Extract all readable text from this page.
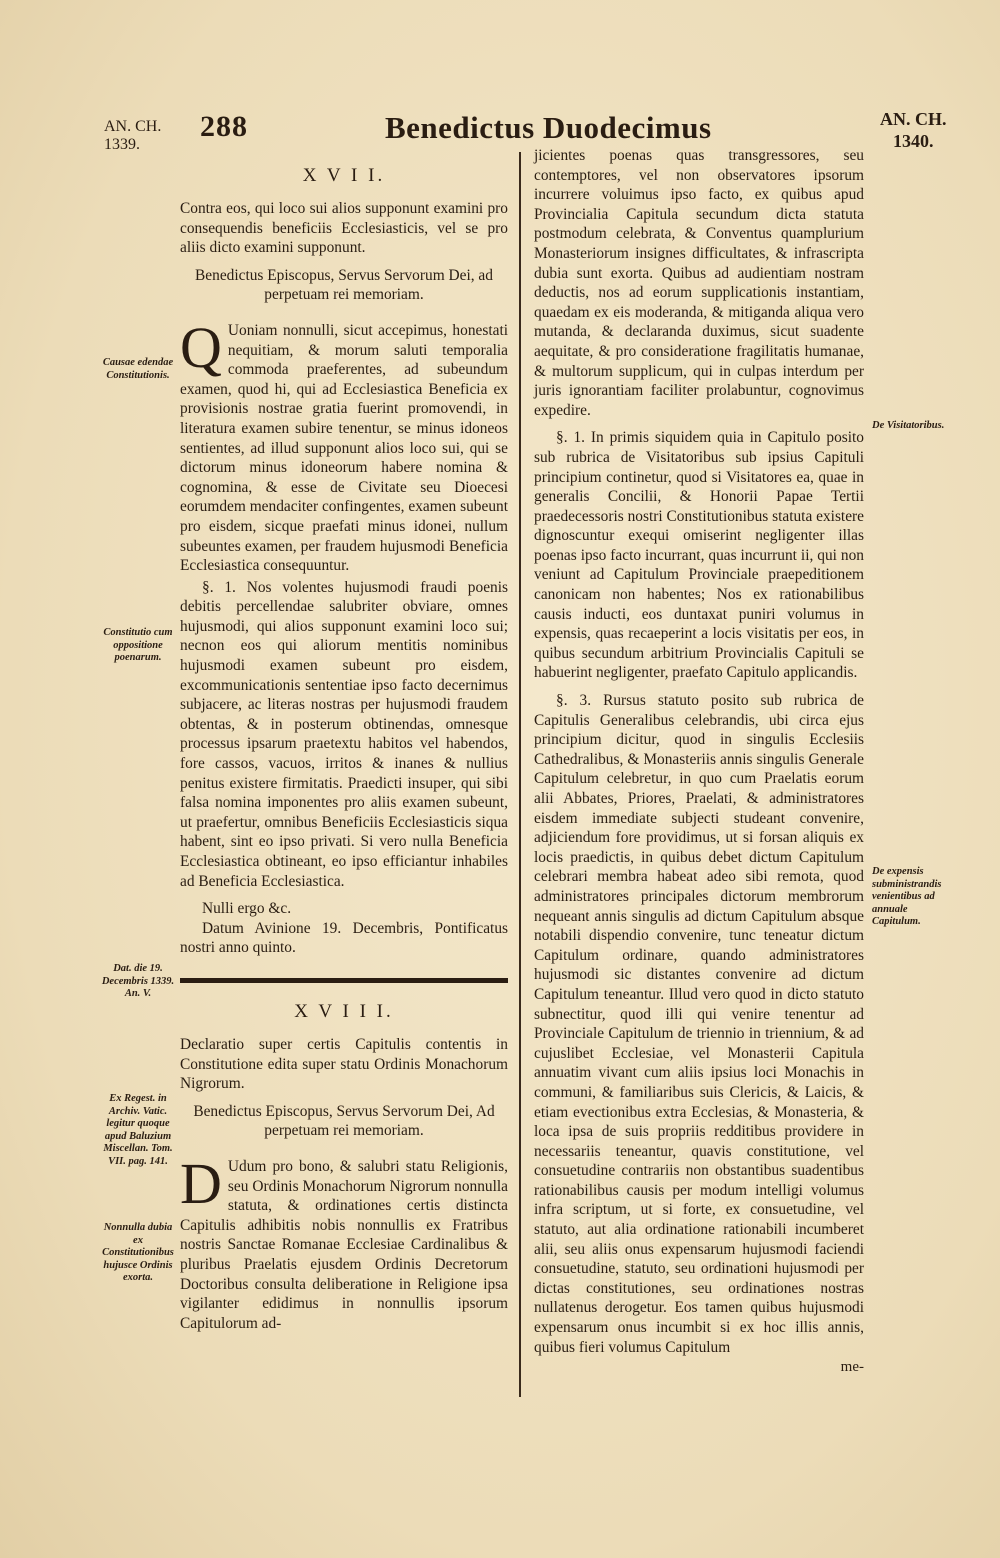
AN. CH.
1339.
288	Benedictus Duodecimus	AN. CH.
1340.
X V I I.
Contra eos, qui loco sui alios supponunt examini pro consequendis beneficiis Ecclesiasticis, vel se pro aliis dicto examini supponunt.
Benedictus Episcopus, Servus Servorum Dei, ad perpetuam rei memoriam.
Q Uoniam nonnulli, sicut accepimus, honestati nequitiam, & morum saluti temporalia commoda praeferentes, ad subeundum examen, quod hi, qui ad Ecclesiastica Beneficia ex provisionis nostrae gratia fuerint promovendi, in literatura examen subire tenentur, se minus idoneos sentientes, ad illud supponunt alios loco sui, qui se dictorum minus idoneorum habere nomina & cognomina, & esse de Civitate seu Dioecesi eorumdem mendaciter confingentes, examen subeunt pro eisdem, sicque praefati minus idonei, nullum subeuntes examen, per fraudem hujusmodi Beneficia Ecclesiastica consequuntur.
§. 1. Nos volentes hujusmodi fraudi poenis debitis percellendae salubriter obviare, omnes hujusmodi, qui alios supponunt examini loco sui; necnon eos qui aliorum mentitis nominibus hujusmodi examen subeunt pro eisdem, excommunicationis sententiae ipso facto decernimus subjacere, ac literas nostras per hujusmodi fraudem obtentas, & in posterum obtinendas, omnesque processus ipsarum praetextu habitos vel habendos, fore cassos, vacuos, irritos & inanes & nullius penitus existere firmitatis. Praedicti insuper, qui sibi falsa nomina imponentes pro aliis examen subeunt, ut praefertur, omnibus Beneficiis Ecclesiasticis siqua habent, sint eo ipso privati. Si vero nulla Beneficia Ecclesiastica obtineant, eo ipso efficiantur inhabiles ad Beneficia Ecclesiastica.
Nulli ergo &c.
Datum Avinione 19. Decembris, Pontificatus nostri anno quinto.
X V I I I.
Declaratio super certis Capitulis contentis in Constitutione edita super statu Ordinis Monachorum Nigrorum.
Benedictus Episcopus, Servus Servorum Dei, Ad perpetuam rei memoriam.
D Udum pro bono, & salubri statu Religionis, seu Ordinis Monachorum Nigrorum nonnulla statuta, & ordinationes certis distincta Capitulis adhibitis nobis nonnullis ex Fratribus nostris Sanctae Romanae Ecclesiae Cardinalibus & pluribus Praelatis ejusdem Ordinis Decretorum Doctoribus consulta deliberatione in Religione ipsa vigilanter edidimus in nonnullis ipsorum Capitulorum ad-
jicientes poenas quas transgressores, seu contemptores, vel non observatores ipsorum incurrere voluimus ipso facto, ex quibus apud Provincialia Capitula secundum dicta statuta postmodum celebrata, & Conventus quamplurium Monasteriorum insignes difficultates, & infrascripta dubia sunt exorta. Quibus ad audientiam nostram deductis, nos ad eorum supplicationis instantiam, quaedam ex eis moderanda, & mitiganda aliqua vero mutanda, & declaranda duximus, sicut suadente aequitate, & pro consideratione fragilitatis humanae, & multorum supplicum, qui in culpas interdum per juris ignorantiam faciliter prolabuntur, cognovimus expedire.
§. 1. In primis siquidem quia in Capitulo posito sub rubrica de Visitatoribus sub ipsius Capituli principium continetur, quod si Visitatores ea, quae in generalis Concilii, & Honorii Papae Tertii praedecessoris nostri Constitutionibus statuta existere dignoscuntur exequi omiserint negligenter illas poenas ipso facto incurrant, quas incurrunt ii, qui non veniunt ad Capitulum Provinciale praepeditionem canonicam non habentes; Nos ex rationabilibus causis inducti, eos duntaxat puniri volumus in expensis, quas recaeperint a locis visitatis per eos, in quibus secundum arbitrium Provincialis Capituli se habuerint negligenter, praefato Capitulo applicandis.
§. 3. Rursus statuto posito sub rubrica de Capitulis Generalibus celebrandis, ubi circa ejus principium dicitur, quod in singulis Ecclesiis Cathedralibus, & Monasteriis annis singulis Generale Capitulum celebretur, in quo cum Praelatis eorum alii Abbates, Priores, Praelati, & administratores eisdem immediate subjecti studeant convenire, adjiciendum fore providimus, ut si forsan aliquis ex locis praedictis, in quibus debet dictum Capitulum celebrari membra habeat adeo sibi remota, quod administratores principales dictorum membrorum nequeant annis singulis ad dictum Capitulum absque notabili dispendio convenire, tunc teneatur dictum Capitulum ordinare, quando administratores hujusmodi sic distantes convenire ad dictum Capitulum teneantur. Illud vero quod in dicto statuto subnectitur, quod illi qui venire tenentur ad Provinciale Capitulum de triennio in triennium, & ad cujuslibet Ecclesiae, vel Monasterii Capitula annuatim vivant cum aliis ipsius loci Monachis in communi, & familiaribus suis Clericis, & Laicis, & etiam evectionibus extra Ecclesias, & Monasteria, & loca ipsa de suis propriis redditibus providere in necessariis teneantur, quavis constitutione, vel consuetudine contrariis non obstantibus suadentibus rationabilibus causis per modum intelligi volumus infra scriptum, ut si forte, ex consuetudine, vel statuto, aut alia ordinatione rationabili incumberet alii, seu aliis onus expensarum hujusmodi faciendi consuetudine, statuto, seu ordinationi hujusmodi per dictas constitutiones, seu ordinationes nostras nullatenus derogetur. Eos tamen quibus hujusmodi expensarum onus incumbit si ex hoc illis annis, quibus fieri volumus Capitulum
me-
Causae edendae Constitutionis.
Constitutio cum oppositione poenarum.
Dat. die 19. Decembris 1339. An. V.
Ex Regest. in Archiv. Vatic. legitur quoque apud Baluzium Miscellan. Tom. VII. pag. 141.
Nonnulla dubia ex Constitutionibus hujusce Ordinis exorta.
De Visitatoribus.
De expensis subministrandis venientibus ad annuale Capitulum.
